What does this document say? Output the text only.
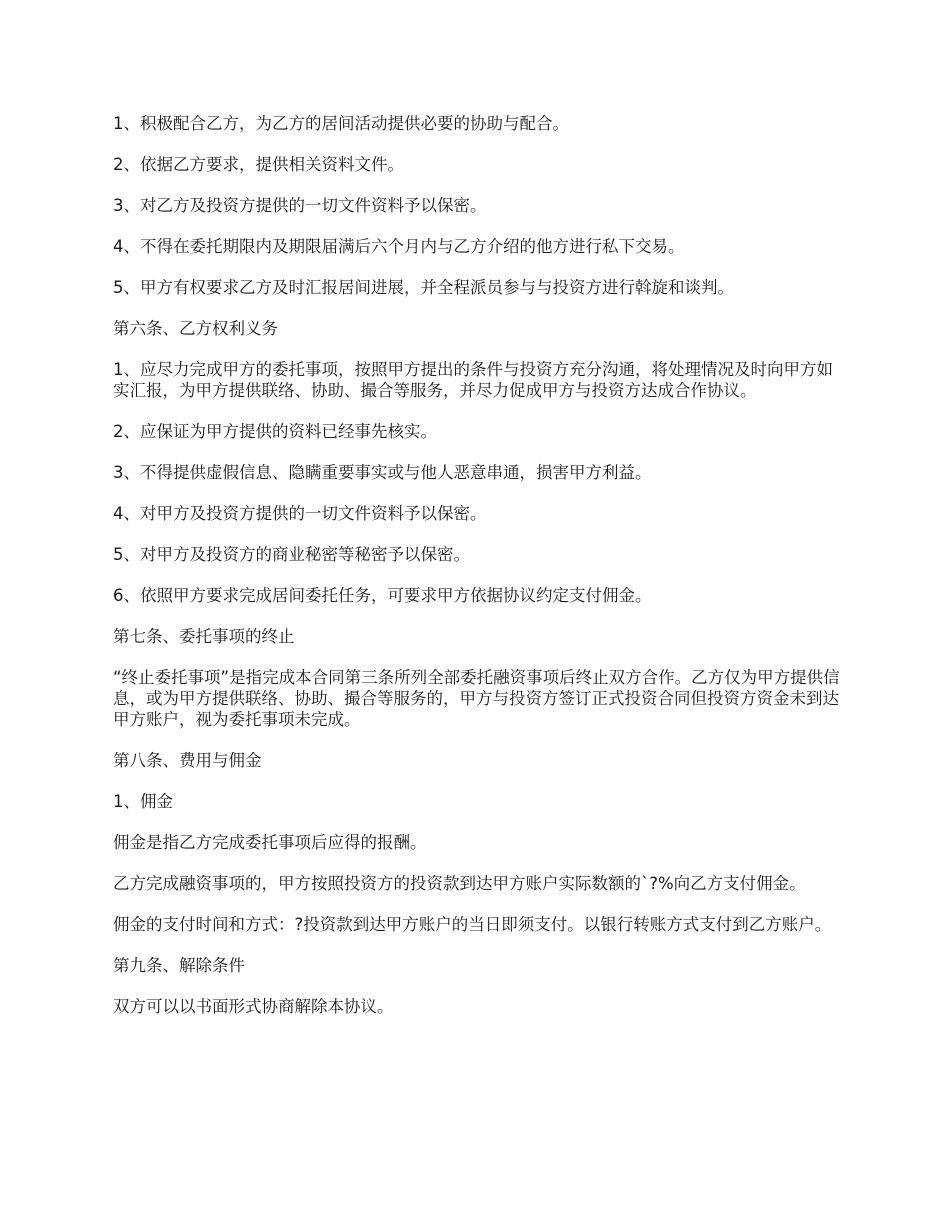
1、积极配合乙方，为乙方的居间活动提供必要的协助与配合。

2、依据乙方要求，提供相关资料文件。

3、对乙方及投资方提供的一切文件资料予以保密。

4、不得在委托期限内及期限届满后六个月内与乙方介绍的他方进行私下交易。

5、甲方有权要求乙方及时汇报居间进展，并全程派员参与与投资方进行斡旋和谈判。

第六条、乙方权利义务

1、应尽力完成甲方的委托事项，按照甲方提出的条件与投资方充分沟通，将处理情况及时向甲方如实汇报，为甲方提供联络、协助、撮合等服务，并尽力促成甲方与投资方达成合作协议。

2、应保证为甲方提供的资料已经事先核实。

3、不得提供虚假信息、隐瞒重要事实或与他人恶意串通，损害甲方利益。

4、对甲方及投资方提供的一切文件资料予以保密。

5、对甲方及投资方的商业秘密等秘密予以保密。

6、依照甲方要求完成居间委托任务，可要求甲方依据协议约定支付佣金。

第七条、委托事项的终止

“终止委托事项”是指完成本合同第三条所列全部委托融资事项后终止双方合作。乙方仅为甲方提供信息，或为甲方提供联络、协助、撮合等服务的，甲方与投资方签订正式投资合同但投资方资金未到达甲方账户，视为委托事项未完成。

第八条、费用与佣金

1、佣金

佣金是指乙方完成委托事项后应得的报酬。

乙方完成融资事项的，甲方按照投资方的投资款到达甲方账户实际数额的`?%向乙方支付佣金。

佣金的支付时间和方式：?投资款到达甲方账户的当日即须支付。以银行转账方式支付到乙方账户。

第九条、解除条件

双方可以以书面形式协商解除本协议。
